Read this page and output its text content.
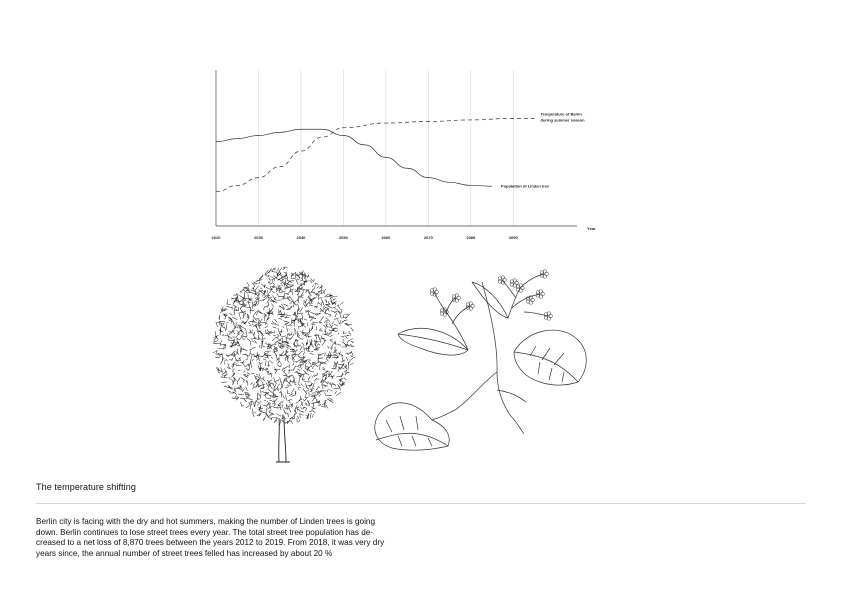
2020	2030	2040	2050	2060	2070	2080	2090
Year
Temperature of Berlin during summer season
Population of Linden tree
The temperature shifting

Berlin city is facing with the dry and hot summers, making the number of Linden trees is going

down. Berlin continues to lose street trees every year. The total street tree population has de-

creased to a net loss of 8,870 trees between the years 2012 to 2019. From 2018, it was very dry

years since, the annual number of street trees felled has increased by about 20 %
